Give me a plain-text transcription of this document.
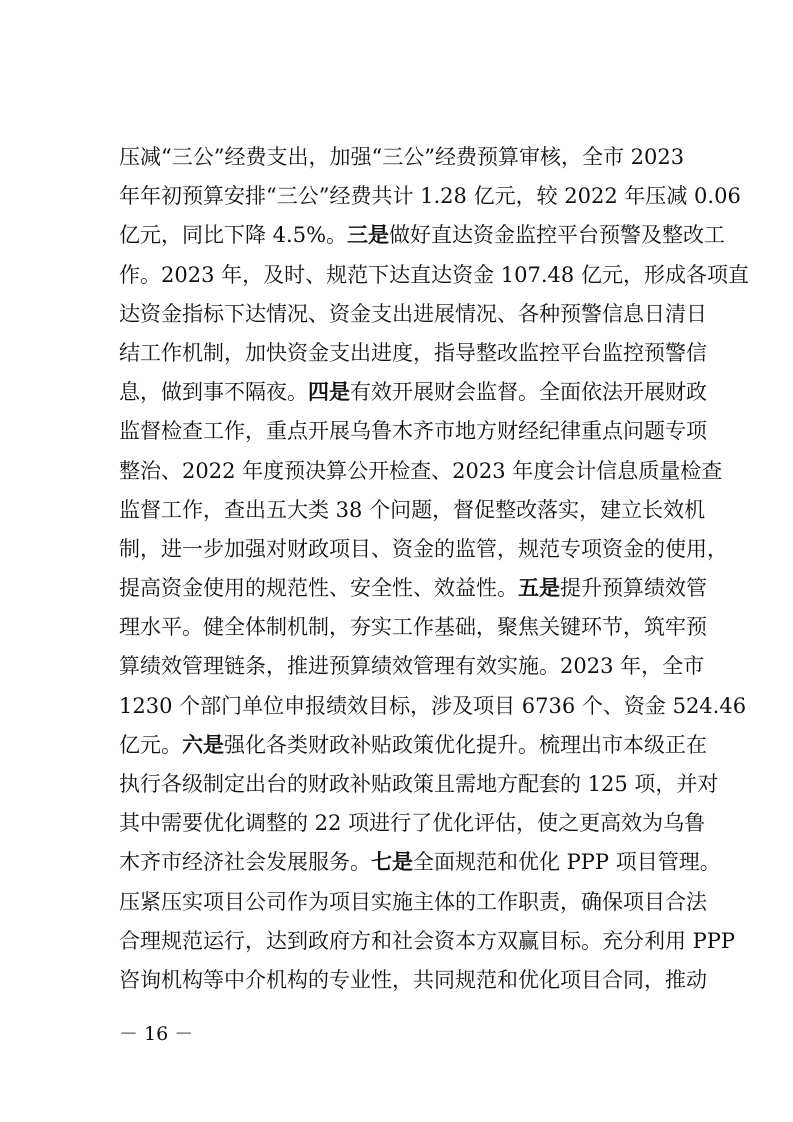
压减“三公”经费支出，加强“三公”经费预算审核，全市 2023
年年初预算安排“三公”经费共计 1.28 亿元，较 2022 年压减 0.06
亿元，同比下降 4.5%。三是做好直达资金监控平台预警及整改工
作。2023 年，及时、规范下达直达资金 107.48 亿元，形成各项直
达资金指标下达情况、资金支出进展情况、各种预警信息日清日
结工作机制，加快资金支出进度，指导整改监控平台监控预警信
息，做到事不隔夜。四是有效开展财会监督。全面依法开展财政
监督检查工作，重点开展乌鲁木齐市地方财经纪律重点问题专项
整治、2022 年度预决算公开检查、2023 年度会计信息质量检查
监督工作，查出五大类 38 个问题，督促整改落实，建立长效机
制，进一步加强对财政项目、资金的监管，规范专项资金的使用，
提高资金使用的规范性、安全性、效益性。五是提升预算绩效管
理水平。健全体制机制，夯实工作基础，聚焦关键环节，筑牢预
算绩效管理链条，推进预算绩效管理有效实施。2023 年，全市
1230 个部门单位申报绩效目标，涉及项目 6736 个、资金 524.46
亿元。六是强化各类财政补贴政策优化提升。梳理出市本级正在
执行各级制定出台的财政补贴政策且需地方配套的 125 项，并对
其中需要优化调整的 22 项进行了优化评估，使之更高效为乌鲁
木齐市经济社会发展服务。七是全面规范和优化 PPP 项目管理。
压紧压实项目公司作为项目实施主体的工作职责，确保项目合法
合理规范运行，达到政府方和社会资本方双赢目标。充分利用 PPP
咨询机构等中介机构的专业性，共同规范和优化项目合同，推动
－ 16 －
